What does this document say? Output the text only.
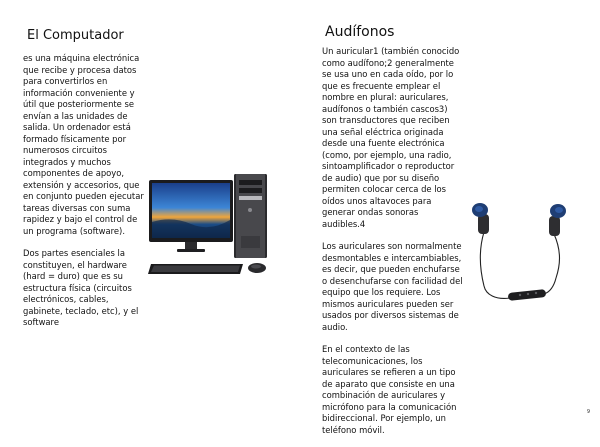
El Computador

es una máquina electrónica que recibe y procesa datos para convertirlos en información conveniente y útil que posteriormente se envían a las unidades de salida. Un ordenador está formado físicamente por numerosos circuitos integrados y muchos componentes de apoyo, extensión y accesorios, que en conjunto pueden ejecutar tareas diversas con suma rapidez y bajo el control de un programa (software).

Dos partes esenciales la constituyen, el hardware (hard = duro) que es su estructura física (circuitos electrónicos, cables, gabinete, teclado, etc), y el software

Audífonos

Un auricular1 (también conocido como audífono;2 generalmente se usa uno en cada oído, por lo que es frecuente emplear el nombre en plural: auriculares, audífonos o también cascos3) son transductores que reciben una señal eléctrica originada desde una fuente electrónica (como, por ejemplo, una radio, sintoamplificador o reproductor de audio) que por su diseño permiten colocar cerca de los oídos unos altavoces para generar ondas sonoras audibles.4

Los auriculares son normalmente desmontables e intercambiables, es decir, que pueden enchufarse o desenchufarse con facilidad del equipo que los requiere. Los mismos auriculares pueden ser usados por diversos sistemas de audio.

En el contexto de las telecomunicaciones, los auriculares se refieren a un tipo de aparato que consiste en una combinación de auriculares y micrófono para la comunicación bidireccional. Por ejemplo, un teléfono móvil.

9
